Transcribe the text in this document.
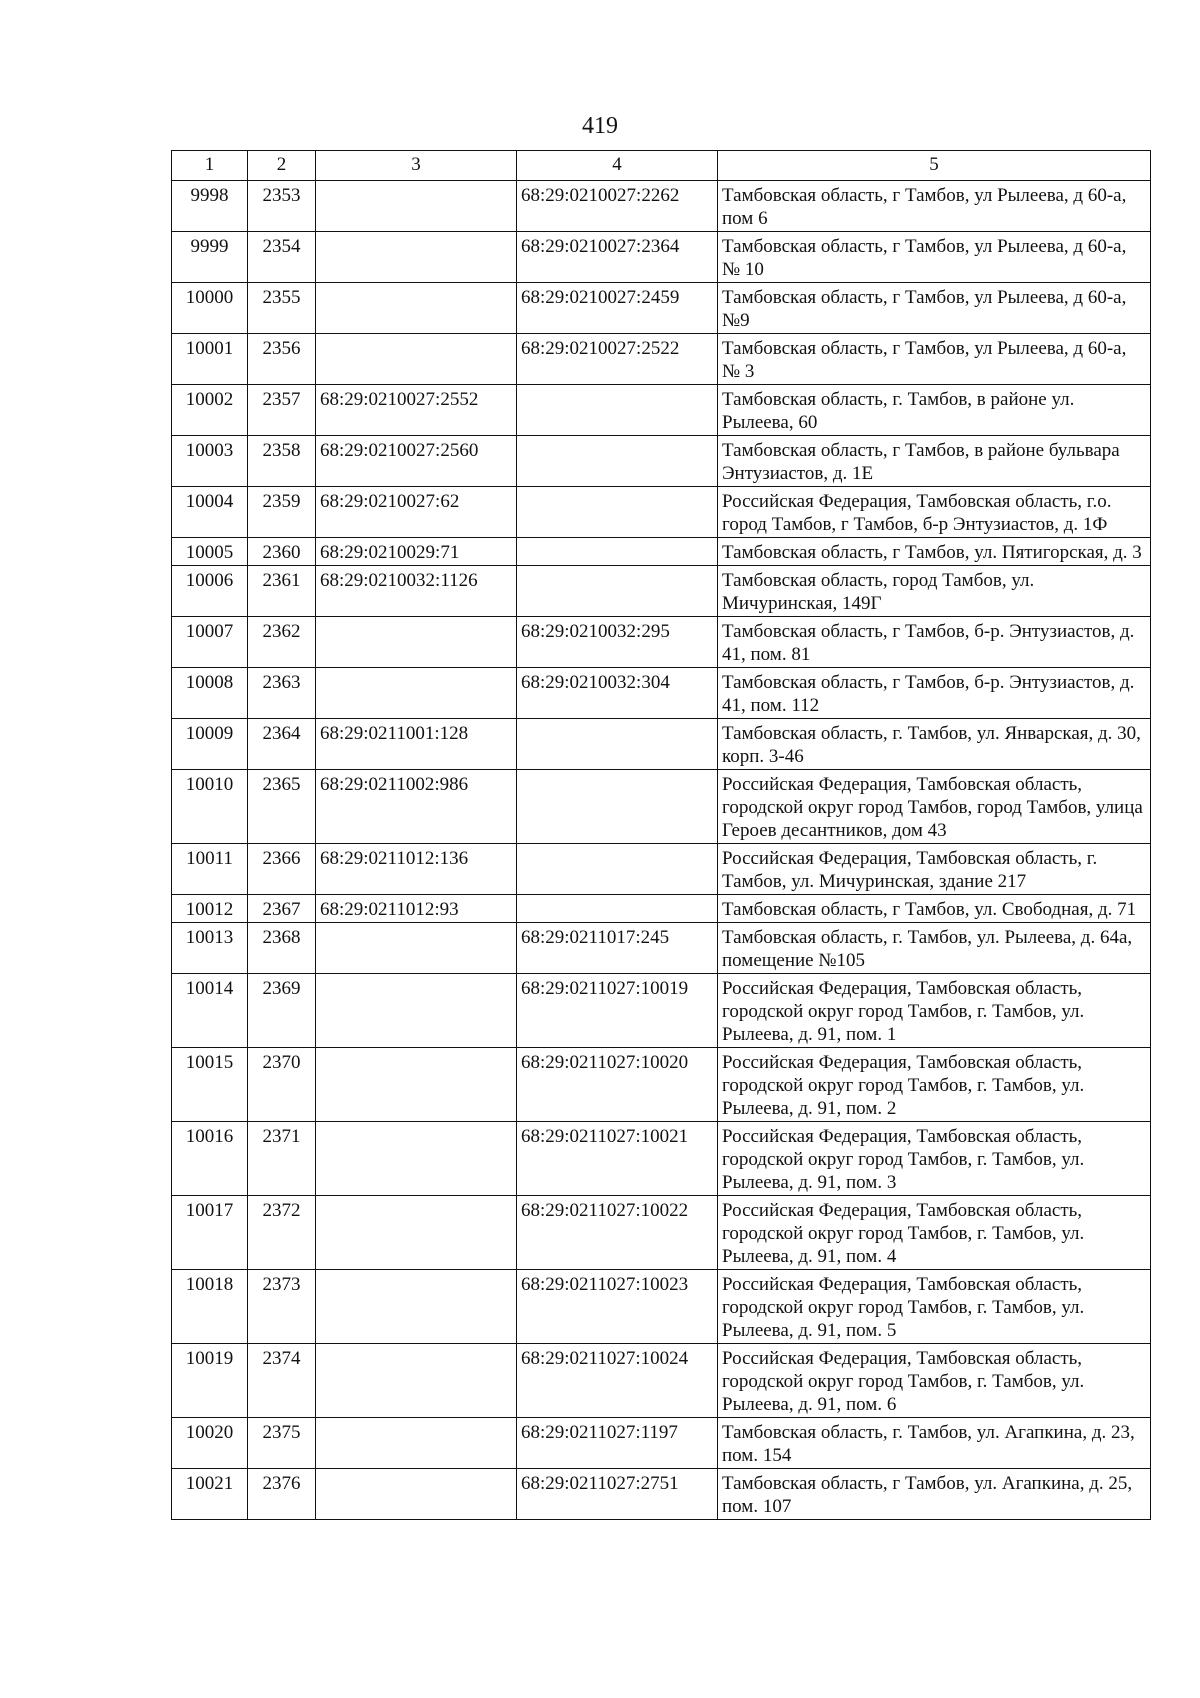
419
1	2	3	4	5
9998	2353		68:29:0210027:2262	Тамбовская область, г Тамбов, ул Рылеева, д 60-а, пом 6
9999	2354		68:29:0210027:2364	Тамбовская область, г Тамбов, ул Рылеева, д 60-а, № 10
10000	2355		68:29:0210027:2459	Тамбовская область, г Тамбов, ул Рылеева, д 60-а, №9
10001	2356		68:29:0210027:2522	Тамбовская область, г Тамбов, ул Рылеева, д 60-а, № 3
10002	2357	68:29:0210027:2552		Тамбовская область, г. Тамбов, в районе ул. Рылеева, 60
10003	2358	68:29:0210027:2560		Тамбовская область, г Тамбов, в районе бульвара Энтузиастов, д. 1Е
10004	2359	68:29:0210027:62		Российская Федерация, Тамбовская область, г.о. город Тамбов, г Тамбов, б-р Энтузиастов, д. 1Ф
10005	2360	68:29:0210029:71		Тамбовская область, г Тамбов, ул. Пятигорская, д. 3
10006	2361	68:29:0210032:1126		Тамбовская область, город Тамбов, ул. Мичуринская, 149Г
10007	2362		68:29:0210032:295	Тамбовская область, г Тамбов, б-р. Энтузиастов, д. 41, пом. 81
10008	2363		68:29:0210032:304	Тамбовская область, г Тамбов, б-р. Энтузиастов, д. 41, пом. 112
10009	2364	68:29:0211001:128		Тамбовская область, г. Тамбов, ул. Январская, д. 30, корп. 3-46
10010	2365	68:29:0211002:986		Российская Федерация, Тамбовская область, городской округ город Тамбов, город Тамбов, улица Героев десантников, дом 43
10011	2366	68:29:0211012:136		Российская Федерация, Тамбовская область, г. Тамбов, ул. Мичуринская, здание 217
10012	2367	68:29:0211012:93		Тамбовская область, г Тамбов, ул. Свободная, д. 71
10013	2368		68:29:0211017:245	Тамбовская область, г. Тамбов, ул. Рылеева, д. 64а, помещение №105
10014	2369		68:29:0211027:10019	Российская Федерация, Тамбовская область, городской округ город Тамбов, г. Тамбов, ул. Рылеева, д. 91, пом. 1
10015	2370		68:29:0211027:10020	Российская Федерация, Тамбовская область, городской округ город Тамбов, г. Тамбов, ул. Рылеева, д. 91, пом. 2
10016	2371		68:29:0211027:10021	Российская Федерация, Тамбовская область, городской округ город Тамбов, г. Тамбов, ул. Рылеева, д. 91, пом. 3
10017	2372		68:29:0211027:10022	Российская Федерация, Тамбовская область, городской округ город Тамбов, г. Тамбов, ул. Рылеева, д. 91, пом. 4
10018	2373		68:29:0211027:10023	Российская Федерация, Тамбовская область, городской округ город Тамбов, г. Тамбов, ул. Рылеева, д. 91, пом. 5
10019	2374		68:29:0211027:10024	Российская Федерация, Тамбовская область, городской округ город Тамбов, г. Тамбов, ул. Рылеева, д. 91, пом. 6
10020	2375		68:29:0211027:1197	Тамбовская область, г. Тамбов, ул. Агапкина, д. 23, пом. 154
10021	2376		68:29:0211027:2751	Тамбовская область, г Тамбов, ул. Агапкина, д. 25, пом. 107
